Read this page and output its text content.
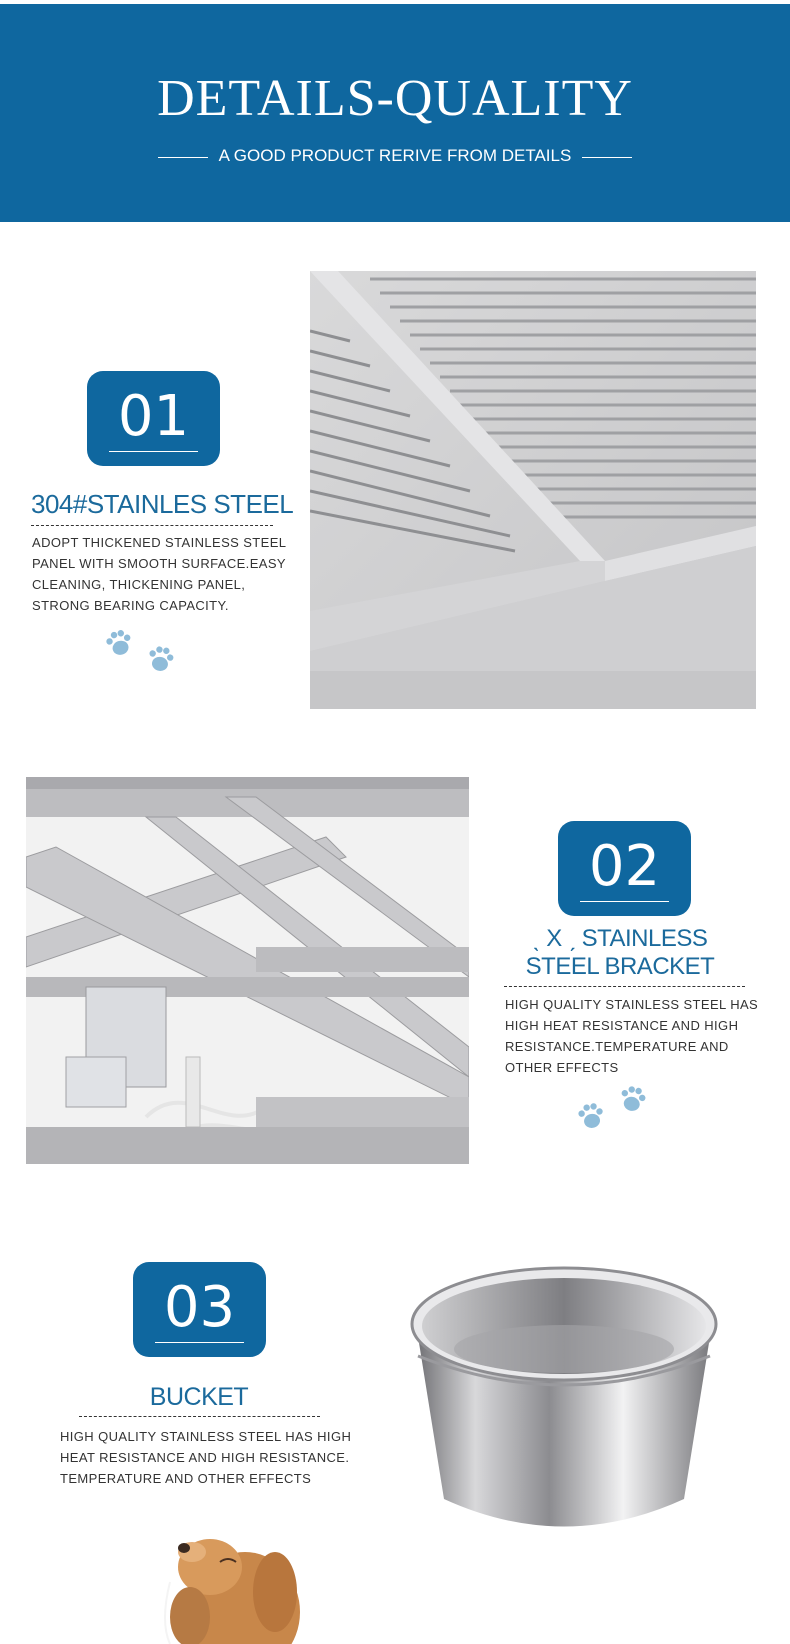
DETAILS-QUALITY
A GOOD PRODUCT RERIVE FROM DETAILS
01
304#STAINLES STEEL
ADOPT THICKENED STAINLESS STEEL
PANEL WITH SMOOTH SURFACE.EASY
CLEANING, THICKENING PANEL,
STRONG BEARING CAPACITY.
02
ˎ X ˏ STAINLESS
STEEL BRACKET
HIGH QUALITY STAINLESS STEEL HAS
HIGH HEAT RESISTANCE AND HIGH
RESISTANCE.TEMPERATURE AND
OTHER EFFECTS
03
BUCKET
HIGH QUALITY STAINLESS STEEL HAS HIGH
HEAT RESISTANCE AND HIGH RESISTANCE.
TEMPERATURE AND OTHER EFFECTS
